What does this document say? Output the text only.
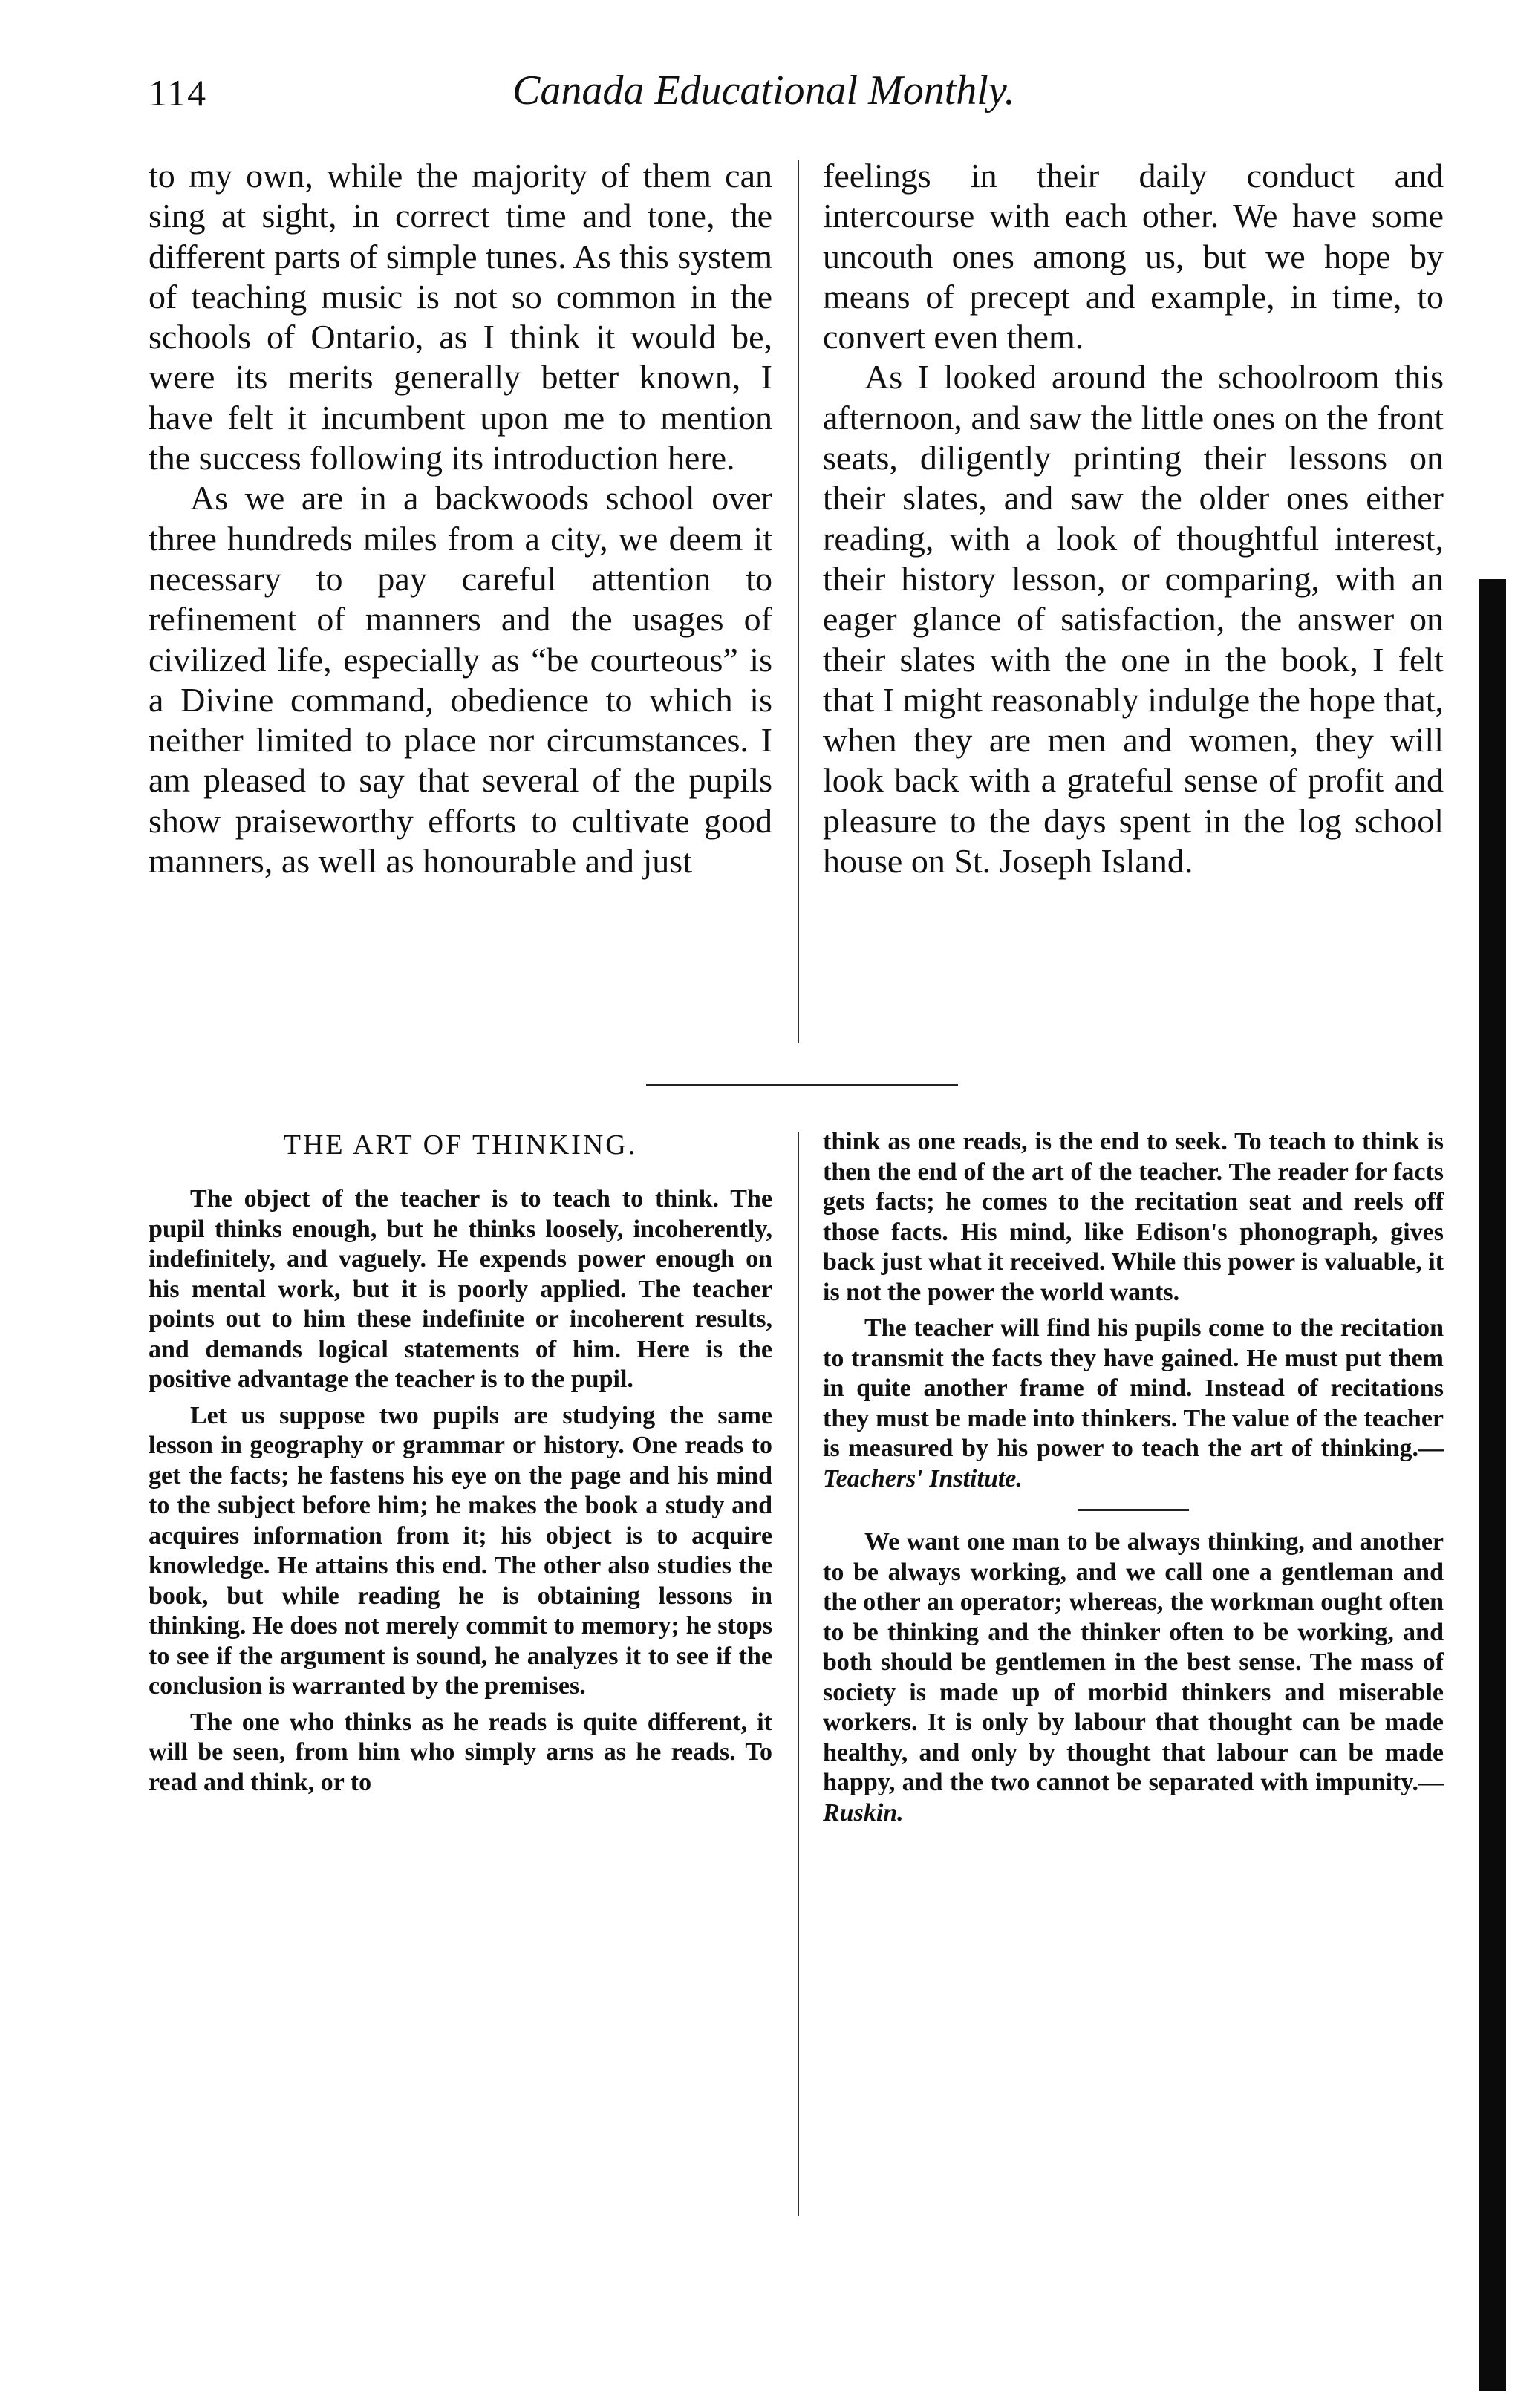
114	Canada Educational Monthly.

to my own, while the majority of them can sing at sight, in correct time and tone, the different parts of simple tunes. As this system of teaching music is not so common in the schools of Ontario, as I think it would be, were its merits generally better known, I have felt it incumbent upon me to mention the success following its introduction here.

As we are in a backwoods school over three hundreds miles from a city, we deem it necessary to pay careful attention to refinement of manners and the usages of civilized life, especially as “be courteous” is a Divine command, obedience to which is neither limited to place nor circumstances. I am pleased to say that several of the pupils show praiseworthy efforts to cultivate good manners, as well as honourable and just

feelings in their daily conduct and intercourse with each other. We have some uncouth ones among us, but we hope by means of precept and example, in time, to convert even them.

As I looked around the schoolroom this afternoon, and saw the little ones on the front seats, diligently printing their lessons on their slates, and saw the older ones either reading, with a look of thoughtful interest, their history lesson, or comparing, with an eager glance of satisfaction, the answer on their slates with the one in the book, I felt that I might reasonably indulge the hope that, when they are men and women, they will look back with a grateful sense of profit and pleasure to the days spent in the log school house on St. Joseph Island.

THE ART OF THINKING.

The object of the teacher is to teach to think. The pupil thinks enough, but he thinks loosely, incoherently, indefinitely, and vaguely. He expends power enough on his mental work, but it is poorly applied. The teacher points out to him these indefinite or incoherent results, and demands logical statements of him. Here is the positive advantage the teacher is to the pupil.

Let us suppose two pupils are studying the same lesson in geography or grammar or history. One reads to get the facts; he fastens his eye on the page and his mind to the subject before him; he makes the book a study and acquires information from it; his object is to acquire knowledge. He attains this end. The other also studies the book, but while reading he is obtaining lessons in thinking. He does not merely commit to memory; he stops to see if the argument is sound, he analyzes it to see if the conclusion is warranted by the premises.

The one who thinks as he reads is quite different, it will be seen, from him who simply arns as he reads. To read and think, or to

think as one reads, is the end to seek. To teach to think is then the end of the art of the teacher. The reader for facts gets facts; he comes to the recitation seat and reels off those facts. His mind, like Edison's phonograph, gives back just what it received. While this power is valuable, it is not the power the world wants.

The teacher will find his pupils come to the recitation to transmit the facts they have gained. He must put them in quite another frame of mind. Instead of recitations they must be made into thinkers. The value of the teacher is measured by his power to teach the art of thinking.—Teachers' Institute.

We want one man to be always thinking, and another to be always working, and we call one a gentleman and the other an operator; whereas, the workman ought often to be thinking and the thinker often to be working, and both should be gentlemen in the best sense. The mass of society is made up of morbid thinkers and miserable workers. It is only by labour that thought can be made healthy, and only by thought that labour can be made happy, and the two cannot be separated with impunity.—Ruskin.
